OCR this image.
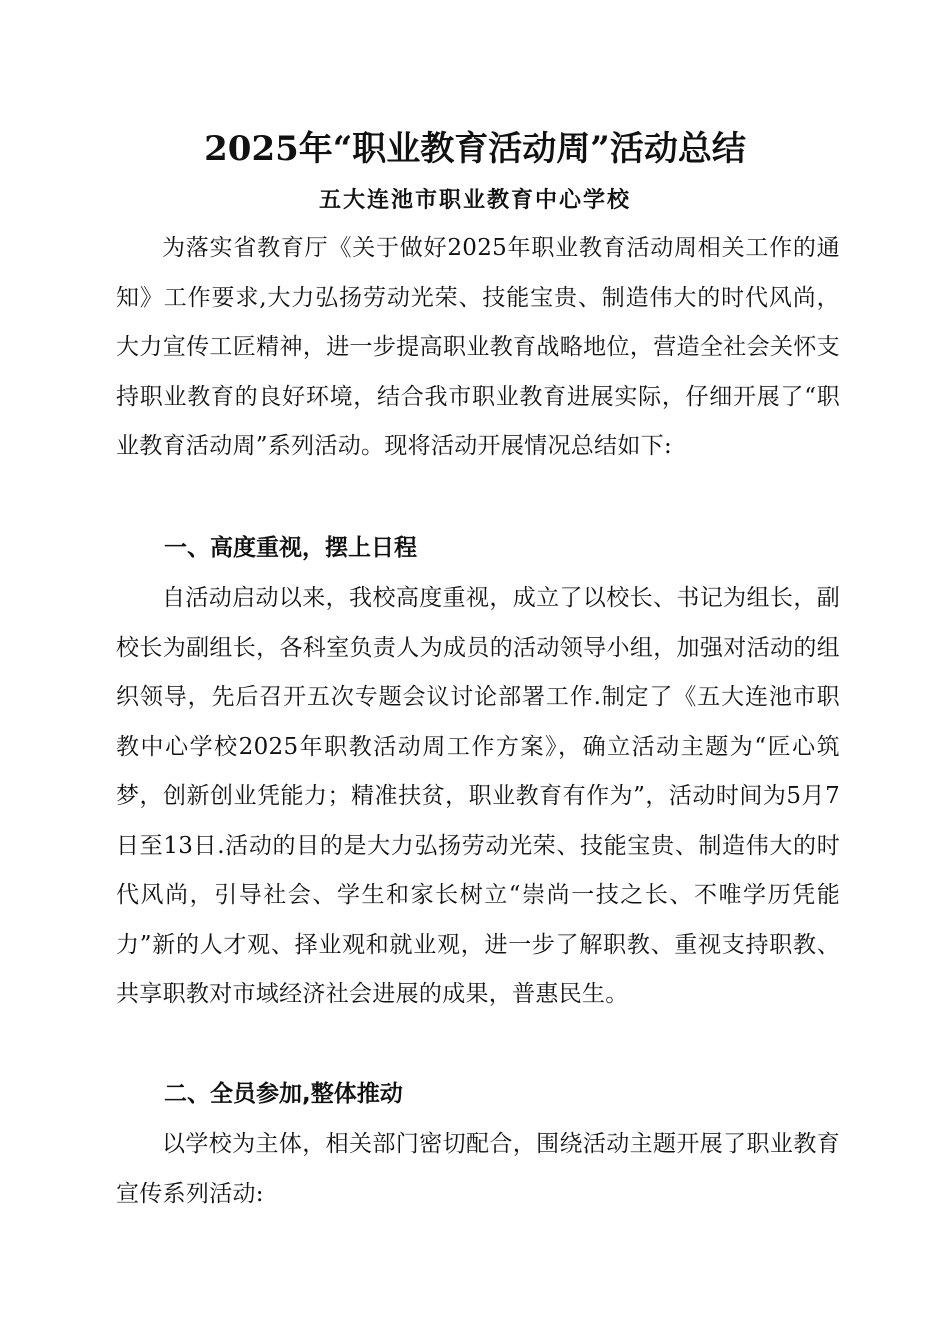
2025年“职业教育活动周”活动总结
五大连池市职业教育中心学校
为落实省教育厅《关于做好2025年职业教育活动周相关工作的通知》工作要求,大力弘扬劳动光荣、技能宝贵、制造伟大的时代风尚，大力宣传工匠精神，进一步提高职业教育战略地位，营造全社会关怀支持职业教育的良好环境，结合我市职业教育进展实际，仔细开展了“职业教育活动周”系列活动。现将活动开展情况总结如下:
一、高度重视，摆上日程
自活动启动以来，我校高度重视，成立了以校长、书记为组长，副校长为副组长，各科室负责人为成员的活动领导小组，加强对活动的组织领导，先后召开五次专题会议讨论部署工作.制定了《五大连池市职教中心学校2025年职教活动周工作方案》，确立活动主题为“匠心筑梦，创新创业凭能力；精准扶贫，职业教育有作为”，活动时间为5月7日至13日.活动的目的是大力弘扬劳动光荣、技能宝贵、制造伟大的时代风尚，引导社会、学生和家长树立“崇尚一技之长、不唯学历凭能力”新的人才观、择业观和就业观，进一步了解职教、重视支持职教、共享职教对市域经济社会进展的成果，普惠民生。
二、全员参加,整体推动
以学校为主体，相关部门密切配合，围绕活动主题开展了职业教育宣传系列活动:
